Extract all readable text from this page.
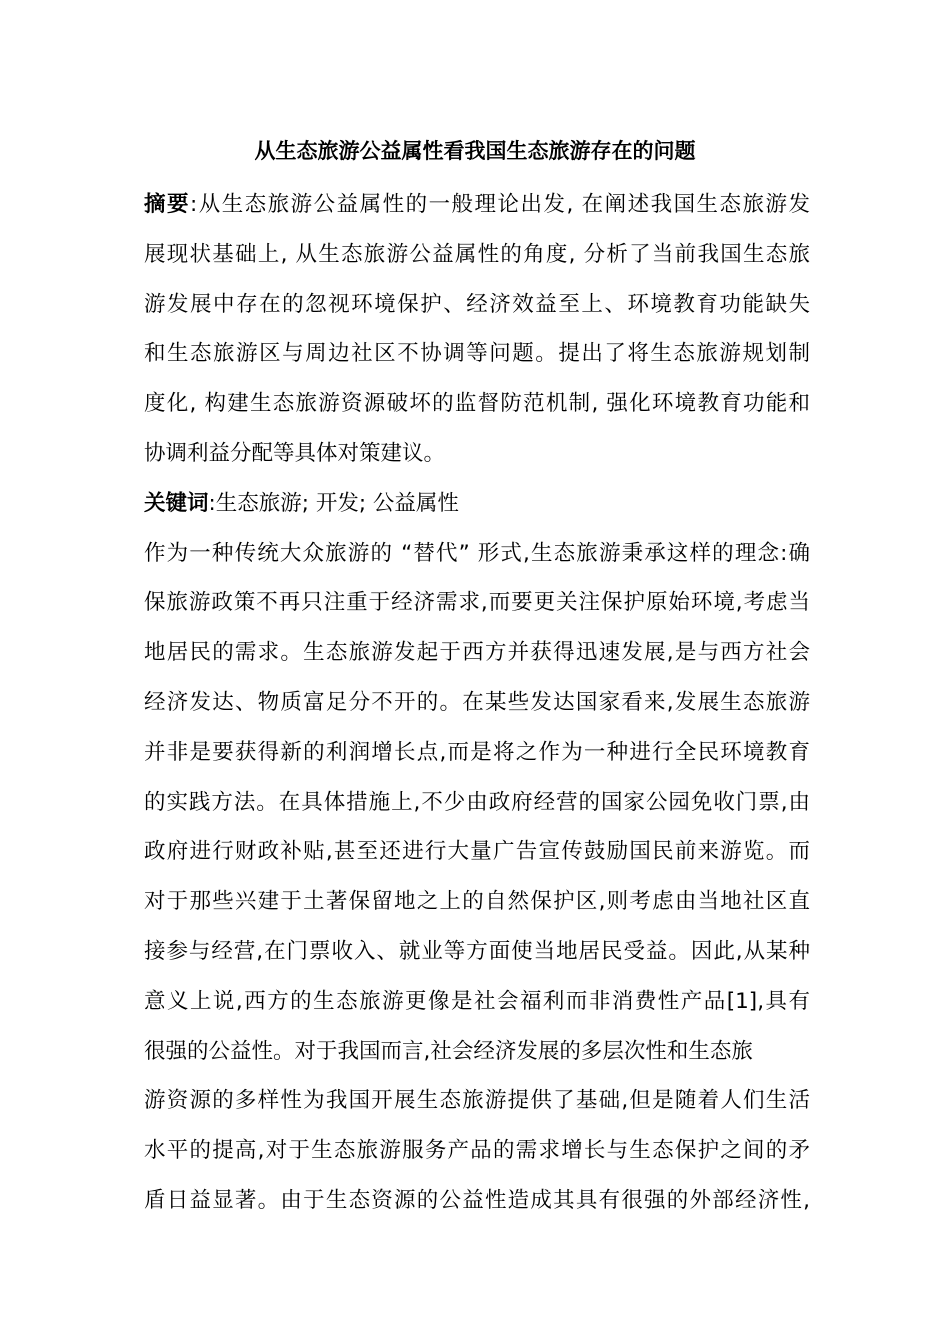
从生态旅游公益属性看我国生态旅游存在的问题
摘要:从生态旅游公益属性的一般理论出发, 在阐述我国生态旅游发
展现状基础上, 从生态旅游公益属性的角度, 分析了当前我国生态旅
游发展中存在的忽视环境保护、经济效益至上、环境教育功能缺失
和生态旅游区与周边社区不协调等问题。提出了将生态旅游规划制
度化, 构建生态旅游资源破坏的监督防范机制, 强化环境教育功能和
协调利益分配等具体对策建议。
关键词:生态旅游; 开发; 公益属性
作为一种传统大众旅游的 “替代” 形式,生态旅游秉承这样的理念:确
保旅游政策不再只注重于经济需求,而要更关注保护原始环境,考虑当
地居民的需求。生态旅游发起于西方并获得迅速发展,是与西方社会
经济发达、物质富足分不开的。在某些发达国家看来,发展生态旅游
并非是要获得新的利润增长点,而是将之作为一种进行全民环境教育
的实践方法。在具体措施上,不少由政府经营的国家公园免收门票,由
政府进行财政补贴,甚至还进行大量广告宣传鼓励国民前来游览。而
对于那些兴建于土著保留地之上的自然保护区,则考虑由当地社区直
接参与经营,在门票收入、就业等方面使当地居民受益。因此,从某种
意义上说,西方的生态旅游更像是社会福利而非消费性产品[1],具有
很强的公益性。对于我国而言,社会经济发展的多层次性和生态旅
游资源的多样性为我国开展生态旅游提供了基础,但是随着人们生活
水平的提高,对于生态旅游服务产品的需求增长与生态保护之间的矛
盾日益显著。由于生态资源的公益性造成其具有很强的外部经济性,
